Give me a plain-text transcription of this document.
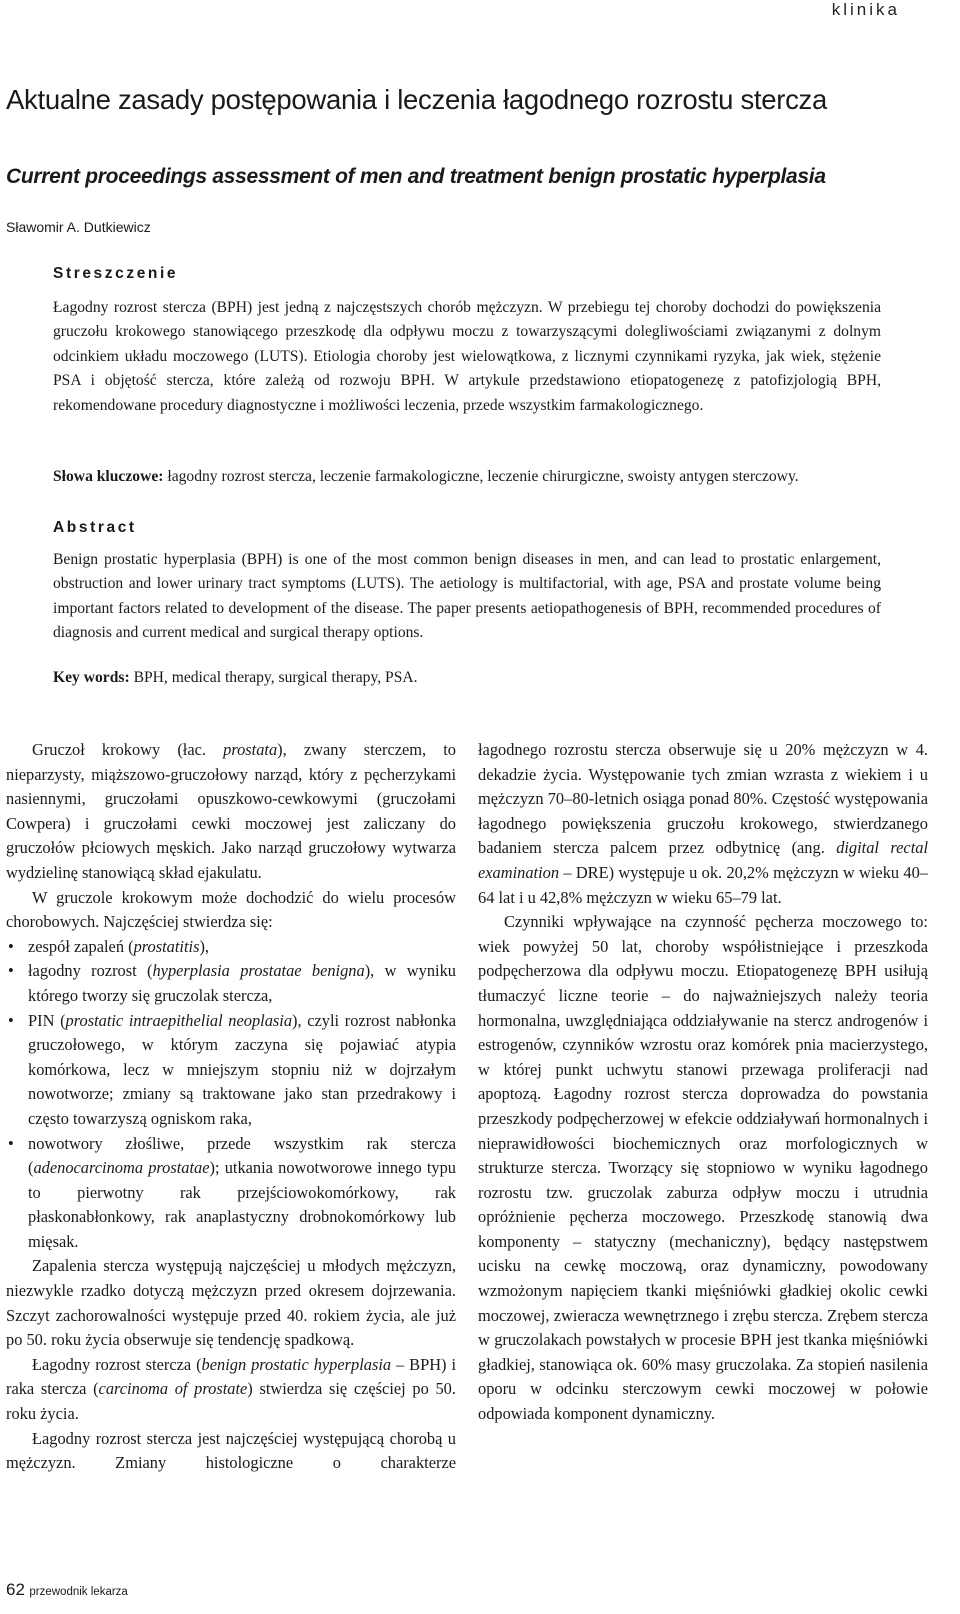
klinika
Aktualne zasady postępowania i leczenia łagodnego rozrostu stercza
Current proceedings assessment of men and treatment benign prostatic hyperplasia
Sławomir A. Dutkiewicz
Streszczenie

Łagodny rozrost stercza (BPH) jest jedną z najczęstszych chorób mężczyzn. W przebiegu tej choroby dochodzi do powiększenia gruczołu krokowego stanowiącego przeszkodę dla odpływu moczu z towarzyszącymi dolegliwościami związanymi z dolnym odcinkiem układu moczowego (LUTS). Etiologia choroby jest wielowątkowa, z licznymi czynnikami ryzyka, jak wiek, stężenie PSA i objętość stercza, które zależą od rozwoju BPH. W artykule przedstawiono etiopatogenezę z patofizjologią BPH, rekomendowane procedury diagnostyczne i możliwości leczenia, przede wszystkim farmakologicznego.

Słowa kluczowe: łagodny rozrost stercza, leczenie farmakologiczne, leczenie chirurgiczne, swoisty antygen sterczowy.

Abstract

Benign prostatic hyperplasia (BPH) is one of the most common benign diseases in men, and can lead to prostatic enlargement, obstruction and lower urinary tract symptoms (LUTS). The aetiology is multifactorial, with age, PSA and prostate volume being important factors related to development of the disease. The paper presents aetiopathogenesis of BPH, recommended procedures of diagnosis and current medical and surgical therapy options.

Key words: BPH, medical therapy, surgical therapy, PSA.

Gruczoł krokowy (łac. prostata), zwany sterczem, to nieparzysty, miąższowo-gruczołowy narząd, który z pęcherzykami nasiennymi, gruczołami opuszkowo-cewkowymi (gruczołami Cowpera) i gruczołami cewki moczowej jest zaliczany do gruczołów płciowych męskich. Jako narząd gruczołowy wytwarza wydzielinę stanowiącą skład ejakulatu.

W gruczole krokowym może dochodzić do wielu procesów chorobowych. Najczęściej stwierdza się:

• zespół zapaleń (prostatitis),
• łagodny rozrost (hyperplasia prostatae benigna), w wyniku którego tworzy się gruczolak stercza,
• PIN (prostatic intraepithelial neoplasia), czyli rozrost nabłonka gruczołowego, w którym zaczyna się pojawiać atypia komórkowa, lecz w mniejszym stopniu niż w dojrzałym nowotworze; zmiany są traktowane jako stan przedrakowy i często towarzyszą ogniskom raka,
• nowotwory złośliwe, przede wszystkim rak stercza (adenocarcinoma prostatae); utkania nowotworowe innego typu to pierwotny rak przejściowokomórkowy, rak płaskonabłonkowy, rak anaplastyczny drobnokomórkowy lub mięsak.

Zapalenia stercza występują najczęściej u młodych mężczyzn, niezwykle rzadko dotyczą mężczyzn przed okresem dojrzewania. Szczyt zachorowalności występuje przed 40. rokiem życia, ale już po 50. roku życia obserwuje się tendencję spadkową.

Łagodny rozrost stercza (benign prostatic hyperplasia – BPH) i raka stercza (carcinoma of prostate) stwierdza się częściej po 50. roku życia.

Łagodny rozrost stercza jest najczęściej występującą chorobą u mężczyzn. Zmiany histologiczne o charakterze

łagodnego rozrostu stercza obserwuje się u 20% mężczyzn w 4. dekadzie życia. Występowanie tych zmian wzrasta z wiekiem i u mężczyzn 70–80-letnich osiąga ponad 80%. Częstość występowania łagodnego powiększenia gruczołu krokowego, stwierdzanego badaniem stercza palcem przez odbytnicę (ang. digital rectal examination – DRE) występuje u ok. 20,2% mężczyzn w wieku 40–64 lat i u 42,8% mężczyzn w wieku 65–79 lat.

Czynniki wpływające na czynność pęcherza moczowego to: wiek powyżej 50 lat, choroby współistniejące i przeszkoda podpęcherzowa dla odpływu moczu. Etiopatogenezę BPH usiłują tłumaczyć liczne teorie – do najważniejszych należy teoria hormonalna, uwzględniająca oddziaływanie na stercz androgenów i estrogenów, czynników wzrostu oraz komórek pnia macierzystego, w której punkt uchwytu stanowi przewaga proliferacji nad apoptozą. Łagodny rozrost stercza doprowadza do powstania przeszkody podpęcherzowej w efekcie oddziaływań hormonalnych i nieprawidłowości biochemicznych oraz morfologicznych w strukturze stercza. Tworzący się stopniowo w wyniku łagodnego rozrostu tzw. gruczolak zaburza odpływ moczu i utrudnia opróżnienie pęcherza moczowego. Przeszkodę stanowią dwa komponenty – statyczny (mechaniczny), będący następstwem ucisku na cewkę moczową, oraz dynamiczny, powodowany wzmożonym napięciem tkanki mięśniówki gładkiej okolic cewki moczowej, zwieracza wewnętrznego i zrębu stercza. Zrębem stercza w gruczolakach powstałych w procesie BPH jest tkanka mięśniówki gładkiej, stanowiąca ok. 60% masy gruczolaka. Za stopień nasilenia oporu w odcinku sterczowym cewki moczowej w połowie odpowiada komponent dynamiczny.

62 przewodnik lekarza
